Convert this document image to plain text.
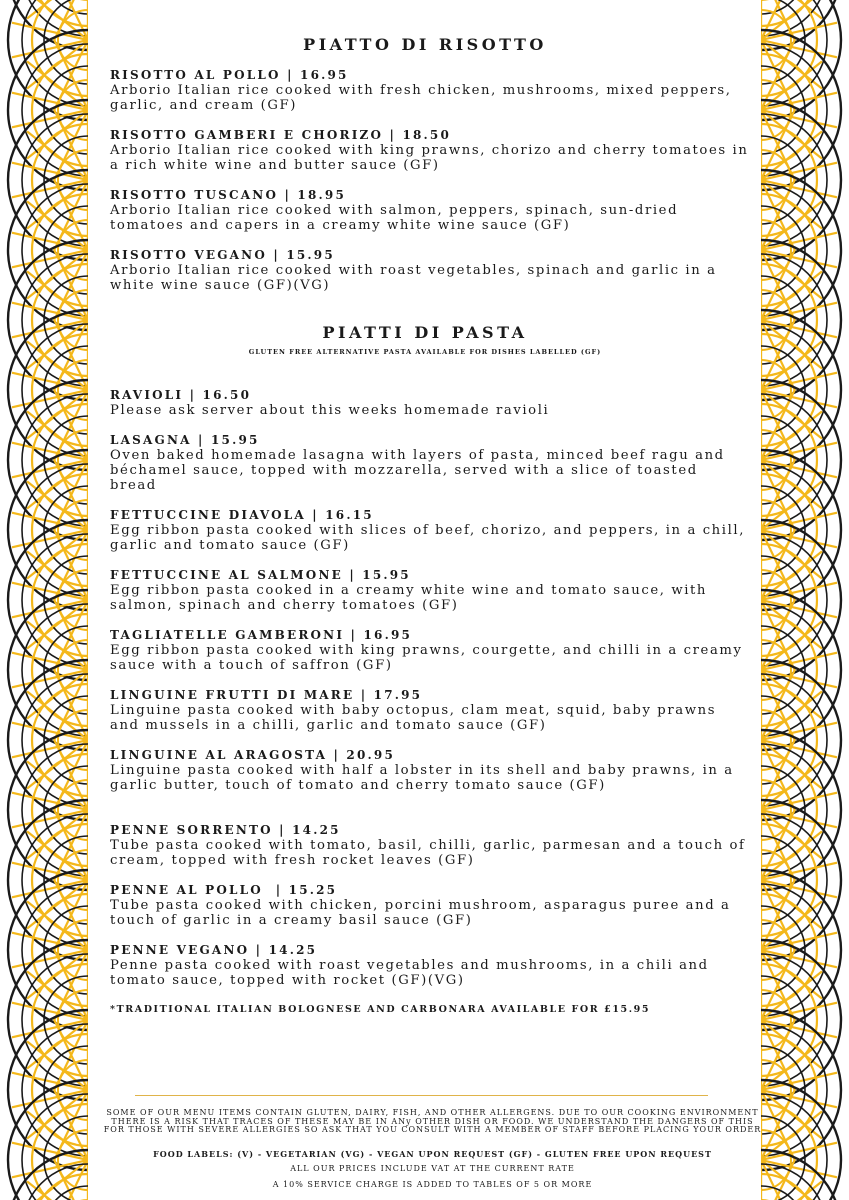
PIATTO DI RISOTTO
RISOTTO AL POLLO | 16.95
Arborio Italian rice cooked with fresh chicken, mushrooms, mixed peppers, garlic, and cream (GF)
RISOTTO GAMBERI E CHORIZO | 18.50
Arborio Italian rice cooked with king prawns, chorizo and cherry tomatoes in a rich white wine and butter sauce (GF)
RISOTTO TUSCANO | 18.95
Arborio Italian rice cooked with salmon, peppers, spinach, sun-dried tomatoes and capers in a creamy white wine sauce (GF)
RISOTTO VEGANO | 15.95
Arborio Italian rice cooked with roast vegetables, spinach and garlic in a white wine sauce (GF)(VG)
PIATTI DI PASTA
GLUTEN FREE ALTERNATIVE PASTA AVAILABLE FOR DISHES LABELLED (GF)
RAVIOLI | 16.50
Please ask server about this weeks homemade ravioli
LASAGNA | 15.95
Oven baked homemade lasagna with layers of pasta, minced beef ragu and béchamel sauce, topped with mozzarella, served with a slice of toasted bread
FETTUCCINE DIAVOLA | 16.15
Egg ribbon pasta cooked with slices of beef, chorizo, and peppers, in a chill, garlic and tomato sauce (GF)
FETTUCCINE AL SALMONE | 15.95
Egg ribbon pasta cooked in a creamy white wine and tomato sauce, with salmon, spinach and cherry tomatoes (GF)
TAGLIATELLE GAMBERONI | 16.95
Egg ribbon pasta cooked with king prawns, courgette, and chilli in a creamy sauce with a touch of saffron (GF)
LINGUINE FRUTTI DI MARE | 17.95
Linguine pasta cooked with baby octopus, clam meat, squid, baby prawns and mussels in a chilli, garlic and tomato sauce (GF)
LINGUINE AL ARAGOSTA | 20.95
Linguine pasta cooked with half a lobster in its shell and baby prawns, in a garlic butter, touch of tomato and cherry tomato sauce (GF)
PENNE SORRENTO | 14.25
Tube pasta cooked with tomato, basil, chilli, garlic, parmesan and a touch of cream, topped with fresh rocket leaves (GF)
PENNE AL POLLO  | 15.25
Tube pasta cooked with chicken, porcini mushroom, asparagus puree and a touch of garlic in a creamy basil sauce (GF)
PENNE VEGANO | 14.25
Penne pasta cooked with roast vegetables and mushrooms, in a chili and tomato sauce, topped with rocket (GF)(VG)
*TRADITIONAL ITALIAN BOLOGNESE AND CARBONARA AVAILABLE FOR £15.95
SOME OF OUR MENU ITEMS CONTAIN GLUTEN, DAIRY, FISH, AND OTHER ALLERGENS. DUE TO OUR COOKING ENVIRONMENT THERE IS A RISK THAT TRACES OF THESE MAY BE IN ANy OTHER DISH OR FOOD. WE UNDERSTAND THE DANGERS OF THIS FOR THOSE WITH SEVERE ALLERGIES SO ASK THAT YOU CONSULT WITH A MEMBER OF STAFF BEFORE PLACING YOUR ORDER
FOOD LABELS: (V) - VEGETARIAN (VG) - VEGAN UPON REQUEST (GF) - GLUTEN FREE UPON REQUEST
ALL OUR PRICES INCLUDE VAT AT THE CURRENT RATE
A 10% SERVICE CHARGE IS ADDED TO TABLES OF 5 OR MORE
